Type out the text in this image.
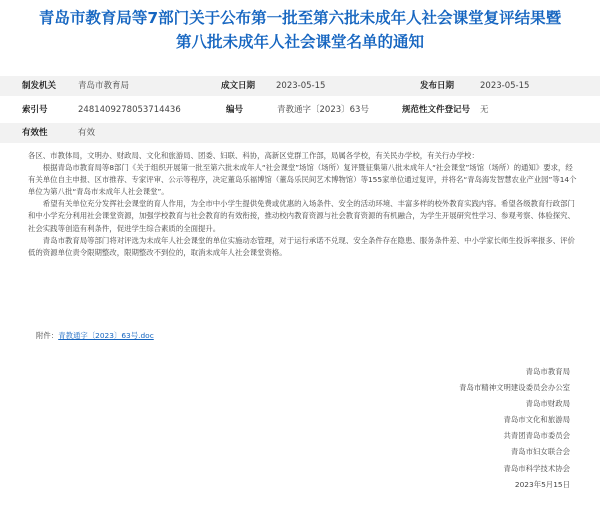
青岛市教育局等7部门关于公布第一批至第六批未成年人社会课堂复评结果暨
第八批未成年人社会课堂名单的通知
制发机关	青岛市教育局	成文日期 2023-05-15	发布日期	2023-05-15
索引号	2481409278053714436	编号	青教通字〔2023〕63号	规范性文件登记号 无
有效性	有效

各区、市教体局，文明办、财政局、文化和旅游局、团委、妇联、科协，高新区党群工作部，局属各学校，有关民办学校，有关行办学校：

根据青岛市教育局等8部门《关于组织开展第一批至第六批未成年人“社会课堂”场馆（场所）复评暨征集第八批未成年人“社会课堂”场馆（场所）的通知》要求，经有关单位自主申报、区市推荐、专家评审、公示等程序，决定董岛乐福博馆（董岛乐民间艺术博物馆）等155家单位通过复评，并将名“青岛海发智慧农业产业园”等14个单位为第八批“青岛市未成年人社会课堂”。

希望有关单位充分发挥社会课堂的育人作用，为全市中小学生提供免费或优惠的入场条件、安全的活动环境、丰富多样的校外教育实践内容。希望各级教育行政部门和中小学充分利用社会课堂资源，加强学校教育与社会教育的有效衔接，推动校内教育资源与社会教育资源的有机融合，为学生开展研究性学习、参观考察、体验探究、社会实践等创造有利条件，促进学生综合素质的全面提升。

青岛市教育局等部门将对评选为未成年人社会课堂的单位实施动态管理，对于运行承诺不兑现、安全条件存在隐患、服务条件差、中小学家长师生投诉率报多、评价低的资源单位责令限期整改，限期整改不到位的，取消未成年人社会课堂资格。

附件：青教通字〔2023〕63号.doc
青岛市教育局
青岛市精神文明建设委员会办公室
青岛市财政局
青岛市文化和旅游局
共青团青岛市委员会
青岛市妇女联合会
青岛市科学技术协会
2023年5月15日
